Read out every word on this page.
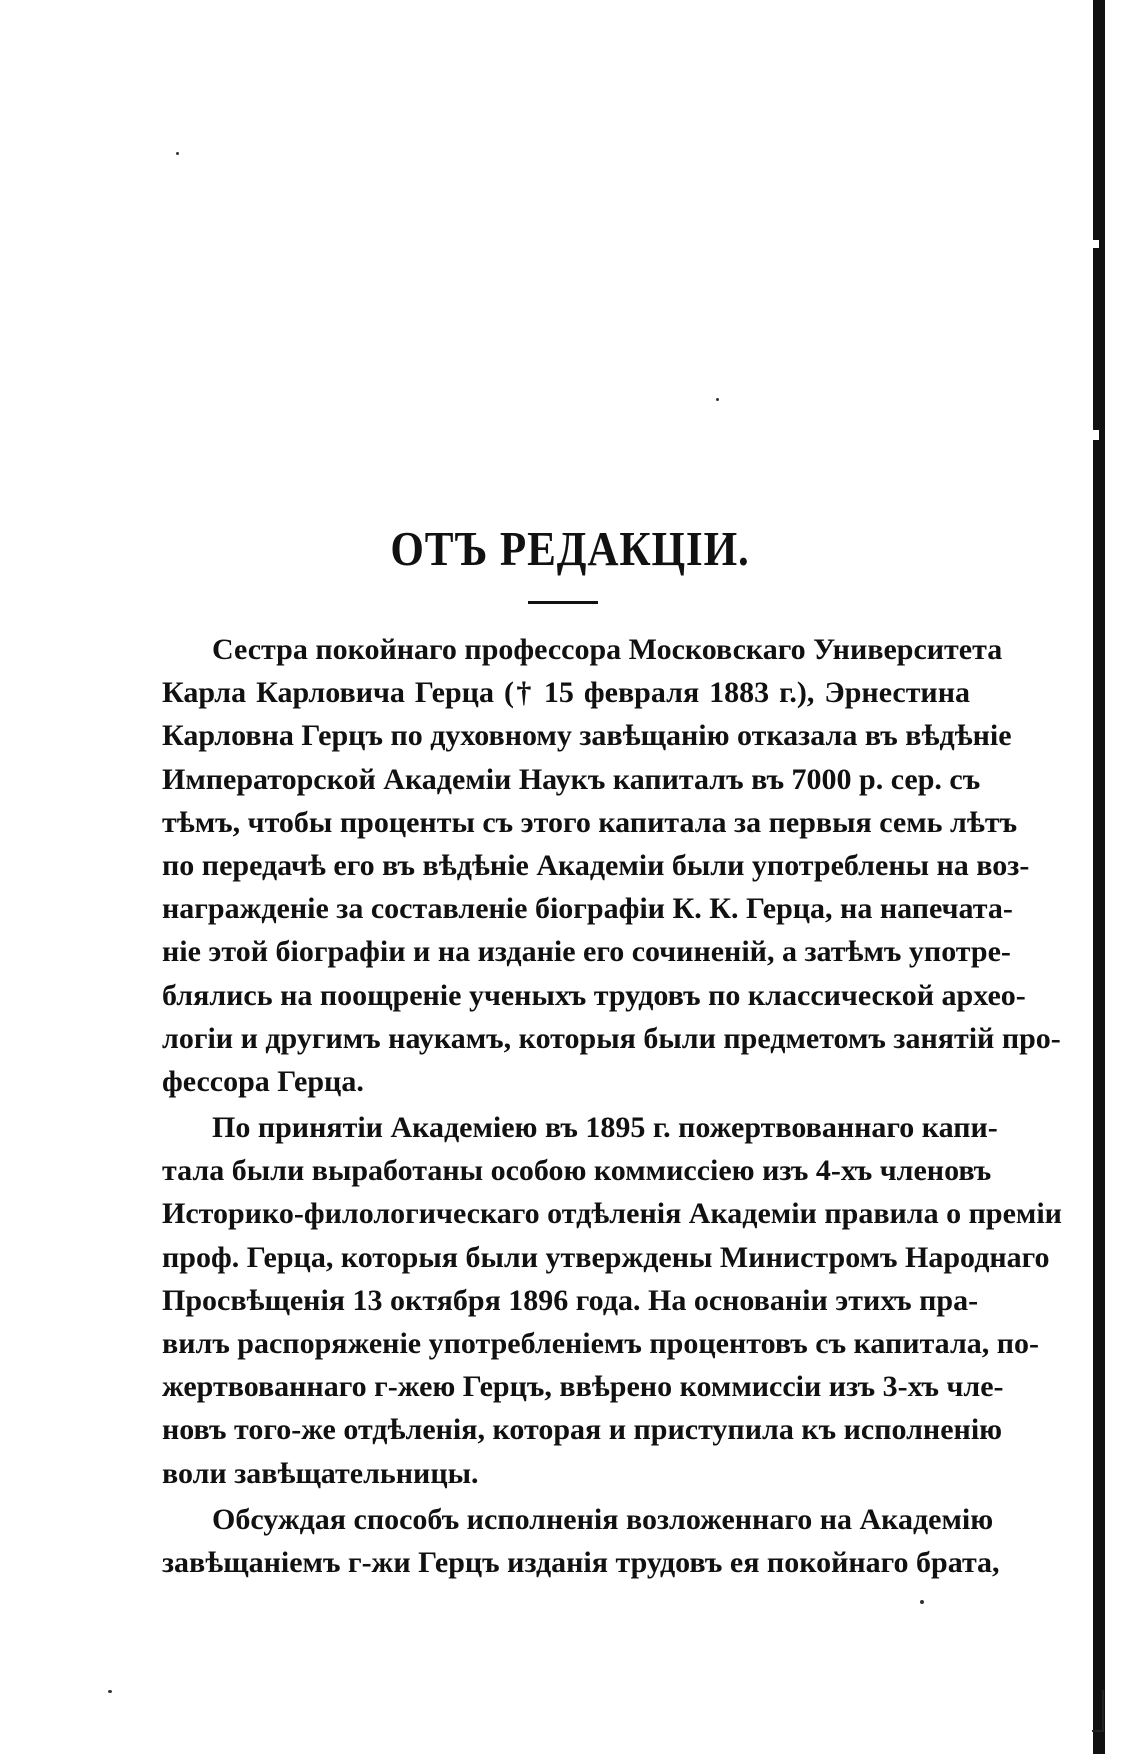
ОТЪ РЕДАКЦІИ.

Сестра покойнаго профессора Московскаго Университета
Карла Карловича Герца († 15 февраля 1883 г.), Эрнестина
Карловна Герцъ по духовному завѣщанію отказала въ вѣдѣніе
Императорской Академіи Наукъ капиталъ въ 7000 р. сер. съ
тѣмъ, чтобы проценты съ этого капитала за первыя семь лѣтъ
по передачѣ его въ вѣдѣніе Академіи были употреблены на воз-
награжденіе за составленіе біографіи К. К. Герца, на напечата-
ніе этой біографіи и на изданіе его сочиненій, а затѣмъ употре-
блялись на поощреніе ученыхъ трудовъ по классической археo-
логіи и другимъ наукамъ, которыя были предметомъ занятій про-
фессора Герца.

По принятіи Академіею въ 1895 г. пожертвованнаго капи-
тала были выработаны особою коммиссіею изъ 4-хъ членовъ
Историко-филологическаго отдѣленія Академіи правила о преміи
проф. Герца, которыя были утверждены Министромъ Народнаго
Просвѣщенія 13 октября 1896 года. На основаніи этихъ пра-
вилъ распоряженіе употребленіемъ процентовъ съ капитала, по-
жертвованнаго г-жею Герцъ, ввѣрено коммиссіи изъ 3-хъ чле-
новъ того-же отдѣленія, которая и приступила къ исполненію
воли завѣщательницы.

Обсуждая способъ исполненія возложеннаго на Академію
завѣщаніемъ г-жи Герцъ изданія трудовъ ея покойнаго брата,
